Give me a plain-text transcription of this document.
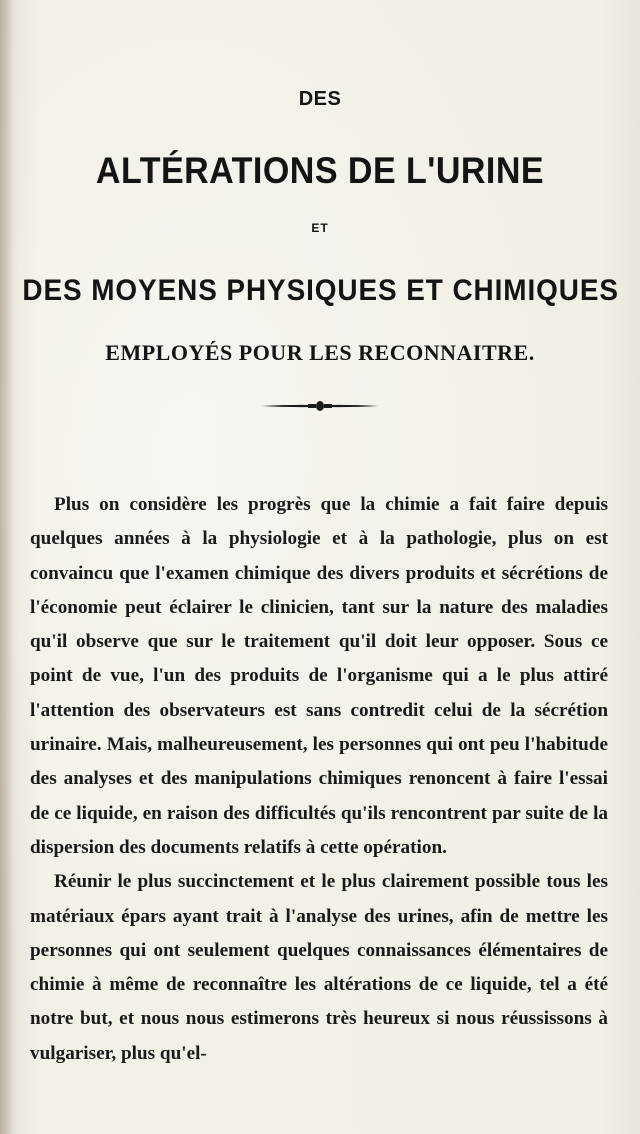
DES
ALTÉRATIONS DE L'URINE
ET
DES MOYENS PHYSIQUES ET CHIMIQUES
EMPLOYÉS POUR LES RECONNAITRE.

Plus on considère les progrès que la chimie a fait faire depuis quelques années à la physiologie et à la pathologie, plus on est convaincu que l'examen chimique des divers produits et sécrétions de l'économie peut éclairer le clinicien, tant sur la nature des maladies qu'il observe que sur le traitement qu'il doit leur opposer. Sous ce point de vue, l'un des produits de l'organisme qui a le plus attiré l'attention des observateurs est sans contredit celui de la sécrétion urinaire. Mais, malheureusement, les personnes qui ont peu l'habitude des analyses et des manipulations chimiques renoncent à faire l'essai de ce liquide, en raison des difficultés qu'ils rencontrent par suite de la dispersion des documents relatifs à cette opération.

Réunir le plus succinctement et le plus clairement possible tous les matériaux épars ayant trait à l'analyse des urines, afin de mettre les personnes qui ont seulement quelques connaissances élémentaires de chimie à même de reconnaître les altérations de ce liquide, tel a été notre but, et nous nous estimerons très heureux si nous réussissons à vulgariser, plus qu'el-
